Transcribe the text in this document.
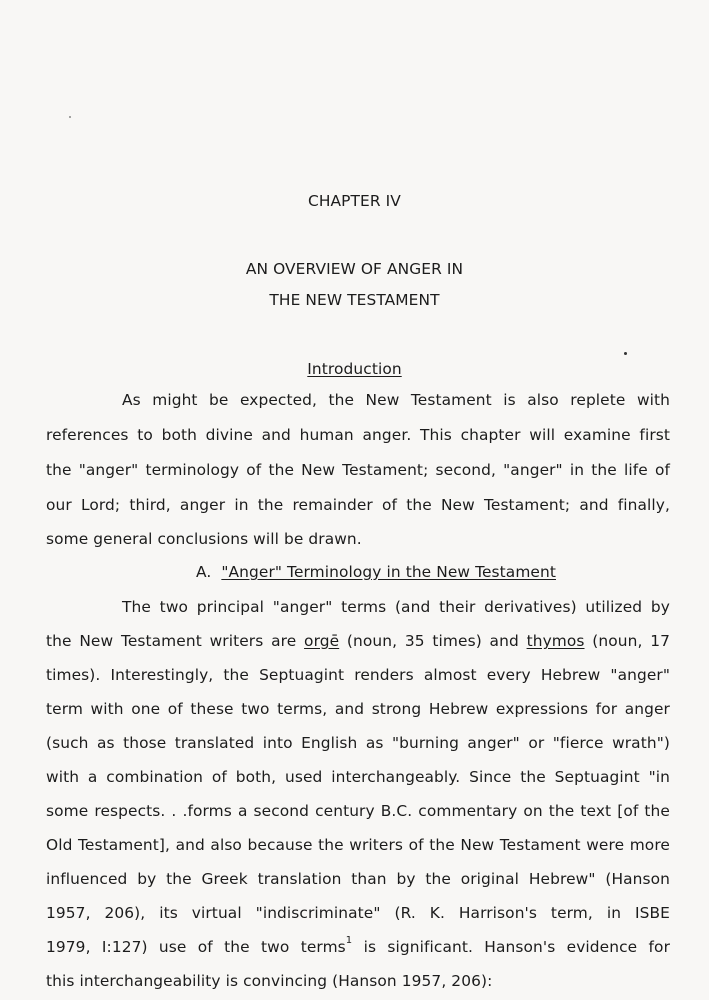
CHAPTER IV
AN OVERVIEW OF ANGER IN
THE NEW TESTAMENT
Introduction
As might be expected, the New Testament is also replete with
references to both divine and human anger. This chapter will examine first
the "anger" terminology of the New Testament; second, "anger" in the life of
our Lord; third, anger in the remainder of the New Testament; and finally,
some general conclusions will be drawn.
A. "Anger" Terminology in the New Testament
The two principal "anger" terms (and their derivatives) utilized by
the New Testament writers are orgē (noun, 35 times) and thymos (noun, 17
times). Interestingly, the Septuagint renders almost every Hebrew "anger"
term with one of these two terms, and strong Hebrew expressions for anger
(such as those translated into English as "burning anger" or "fierce wrath")
with a combination of both, used interchangeably. Since the Septuagint "in
some respects. . .forms a second century B.C. commentary on the text [of the
Old Testament], and also because the writers of the New Testament were more
influenced by the Greek translation than by the original Hebrew" (Hanson
1957, 206), its virtual "indiscriminate" (R. K. Harrison's term, in ISBE
1979, I:127) use of the two terms$^1$ is significant. Hanson's evidence for
this interchangeability is convincing (Hanson 1957, 206):
